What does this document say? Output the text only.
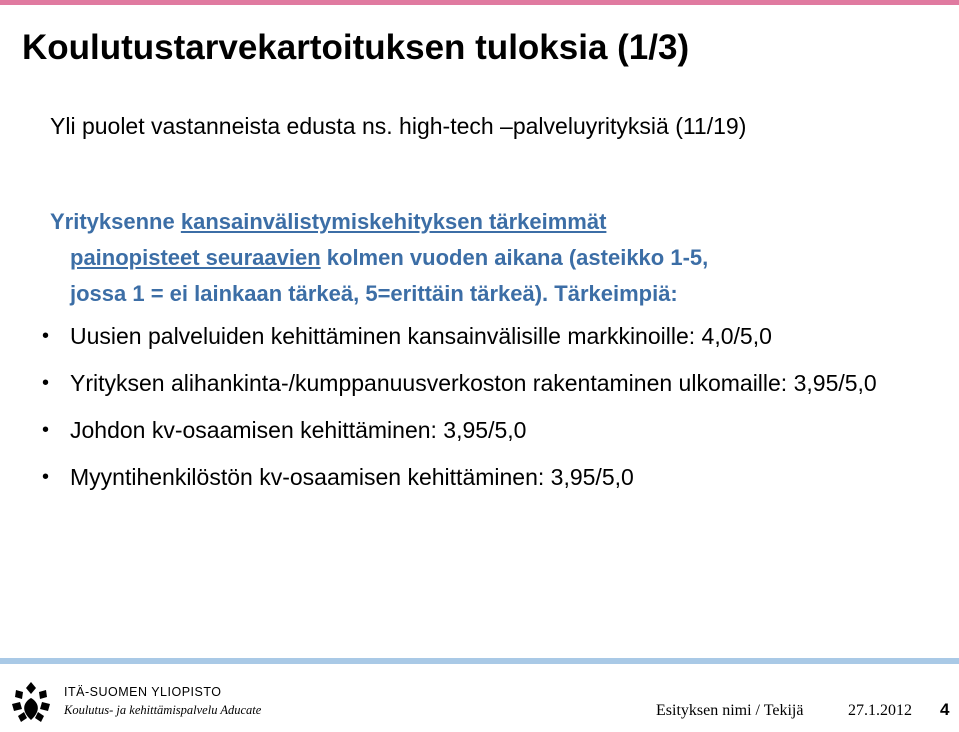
Koulutustarvekartoituksen tuloksia (1/3)
Yli puolet vastanneista edusta ns. high-tech –palveluyrityksiä (11/19)
Yrityksenne kansainvälistymiskehityksen tärkeimmät
painopisteet seuraavien kolmen vuoden aikana (asteikko 1-5,
jossa 1 = ei lainkaan tärkeä, 5=erittäin tärkeä). Tärkeimpiä:
• Uusien palveluiden kehittäminen kansainvälisille markkinoille: 4,0/5,0
• Yrityksen alihankinta-/kumppanuusverkoston rakentaminen ulkomaille: 3,95/5,0
• Johdon kv-osaamisen kehittäminen: 3,95/5,0
• Myyntihenkilöstön kv-osaamisen kehittäminen: 3,95/5,0
ITÄ-SUOMEN YLIOPISTO
Koulutus- ja kehittämispalvelu Aducate	Esityksen nimi / Tekijä	27.1.2012 4
